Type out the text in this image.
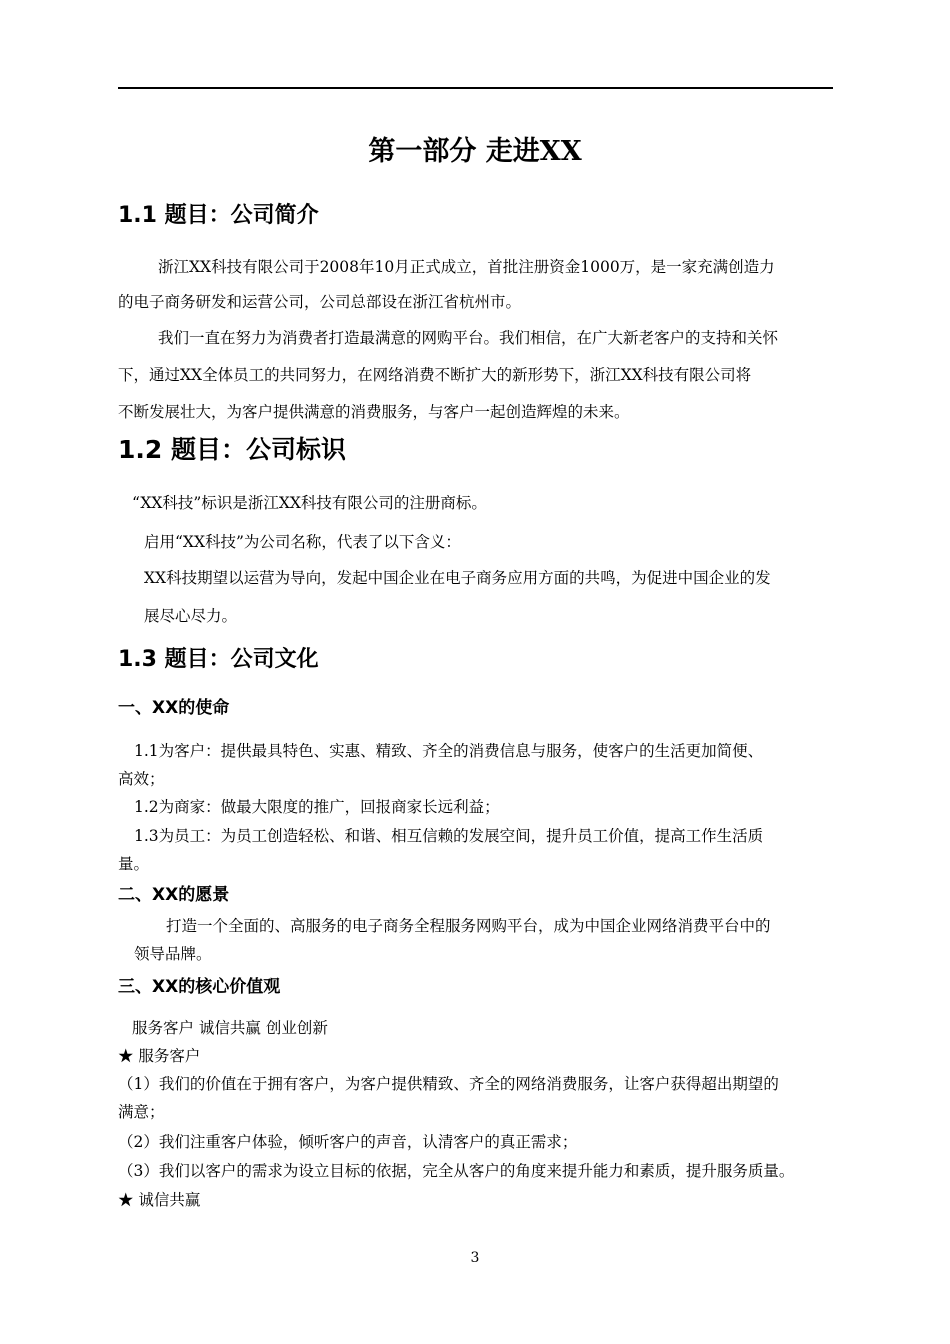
第一部分 走进XX
1.1 题目：公司简介

浙江XX科技有限公司于2008年10月正式成立，首批注册资金1000万，是一家充满创造力

的电子商务研发和运营公司，公司总部设在浙江省杭州市。

我们一直在努力为消费者打造最满意的网购平台。我们相信，在广大新老客户的支持和关怀

下，通过XX全体员工的共同努力，在网络消费不断扩大的新形势下，浙江XX科技有限公司将

不断发展壮大，为客户提供满意的消费服务，与客户一起创造辉煌的未来。

1.2 题目：公司标识

“XX科技”标识是浙江XX科技有限公司的注册商标。

启用“XX科技”为公司名称，代表了以下含义：

XX科技期望以运营为导向，发起中国企业在电子商务应用方面的共鸣，为促进中国企业的发

展尽心尽力。

1.3 题目：公司文化
一、XX的使命

1.1为客户：提供最具特色、实惠、精致、齐全的消费信息与服务，使客户的生活更加简便、

高效；

1.2为商家：做最大限度的推广，回报商家长远利益；

1.3为员工：为员工创造轻松、和谐、相互信赖的发展空间，提升员工价值，提高工作生活质

量。

二、XX的愿景

打造一个全面的、高服务的电子商务全程服务网购平台，成为中国企业网络消费平台中的

领导品牌。

三、XX的核心价值观

服务客户 诚信共赢 创业创新

★ 服务客户

（1）我们的价值在于拥有客户，为客户提供精致、齐全的网络消费服务，让客户获得超出期望的

满意；

（2）我们注重客户体验，倾听客户的声音，认清客户的真正需求；

（3）我们以客户的需求为设立目标的依据，完全从客户的角度来提升能力和素质，提升服务质量。

★ 诚信共赢

3
